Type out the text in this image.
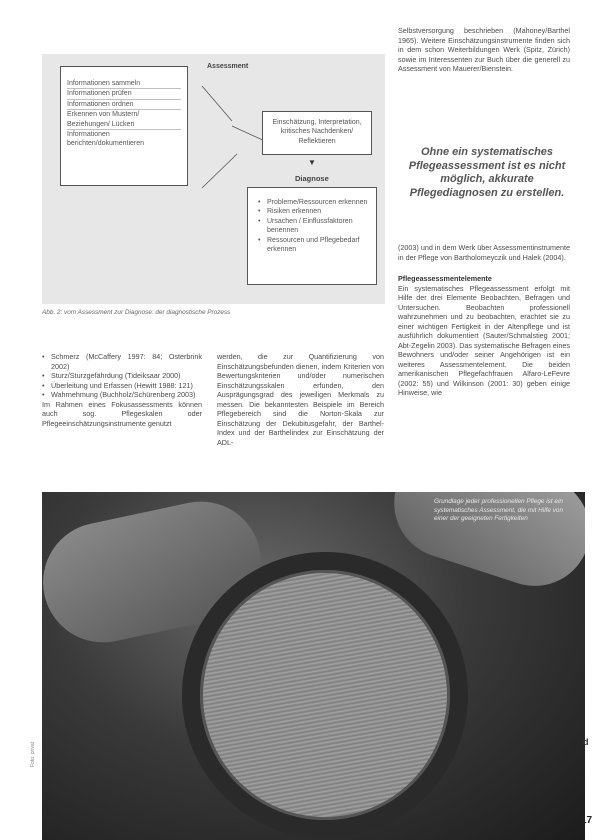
Assessment
Informationen sammeln
Informationen prüfen
Informationen ordnen
Erkennen von Mustern/ Beziehungen/ Lücken
Informationen berichten/dokumentieren
Einschätzung, Interpretation, kritisches Nachdenken/ Reflektieren
▼
Diagnose
• Probleme/Ressourcen erkennen
• Risiken erkennen
• Ursachen / Einflussfaktoren benennen
• Ressourcen und Pflegebedarf erkennen
Abb. 2: vom Assessment zur Diagnose: der diagnostische Prozess
• Schmerz (McCaffery 1997: 84; Osterbrink 2002)
• Sturz/Sturzgefährdung (Tideiksaar 2000)
• Überleitung und Erfassen (Hewitt 1988: 121)
• Wahrnehmung (Buchholz/Schürenberg 2003)

Im Rahmen eines Fokusassessments können auch sog. Pflegeskalen oder Pflegeeinschätzungsinstrumente genutzt

werden, die zur Quantifizierung von Einschätzungsbefunden dienen, indem Kriterien von Bewertungskriterien und/oder numerischen Einschätzungsskalen erfunden, den Ausprägungsgrad des jeweiligen Merkmals zu messen. Die bekanntesten Beispiele im Bereich Pflegebereich sind die Norton-Skala zur Einschätzung der Dekubitusgefahr, der Barthel-Index und der Barthelindex zur Einschätzung der ADL-

Selbstversorgung beschrieben (Mahoney/Barthel 1965). Weitere Einschätzungsinstrumente finden sich in dem schon Weiterbildungen Werk (Spitz, Zürich) sowie im Interessenten zur Buch über die generell zu Assessment von Mauerer/Bienstein.

Ohne ein systematisches Pflegeassessment ist es nicht möglich, akkurate Pflegediagnosen zu erstellen.

(2003) und in dem Werk über Assessmentinstrumente in der Pflege von Bartholomeyczik und Halek (2004).

Pflegeassessmentelemente

Ein systematisches Pflegeassessment erfolgt mit Hilfe der drei Elemente Beobachten, Befragen und Untersuchen. Beobachten professionell wahrzunehmen und zu beobachten, erachtet sie zu einer wichtigen Fertigkeit in der Altenpflege und ist ausführlich dokumentiert (Sauter/Schmalstieg 2001; Abt-Zegelin 2003). Das systematische Befragen eines Bewohners und/oder seiner Angehörigen ist ein weiteres Assessmentelement. Die beiden amerikanischen Pflegefachfrauen Alfaro-LeFevre (2002: 55) und Wilkinson (2001: 30) geben einige Hinweise, wie

Grundlage jeder professionellen Pflege ist ein systematisches Assessment, die mit Hilfe von einer der geeigneten Fertigkeiten
Foto: privat	d
17
